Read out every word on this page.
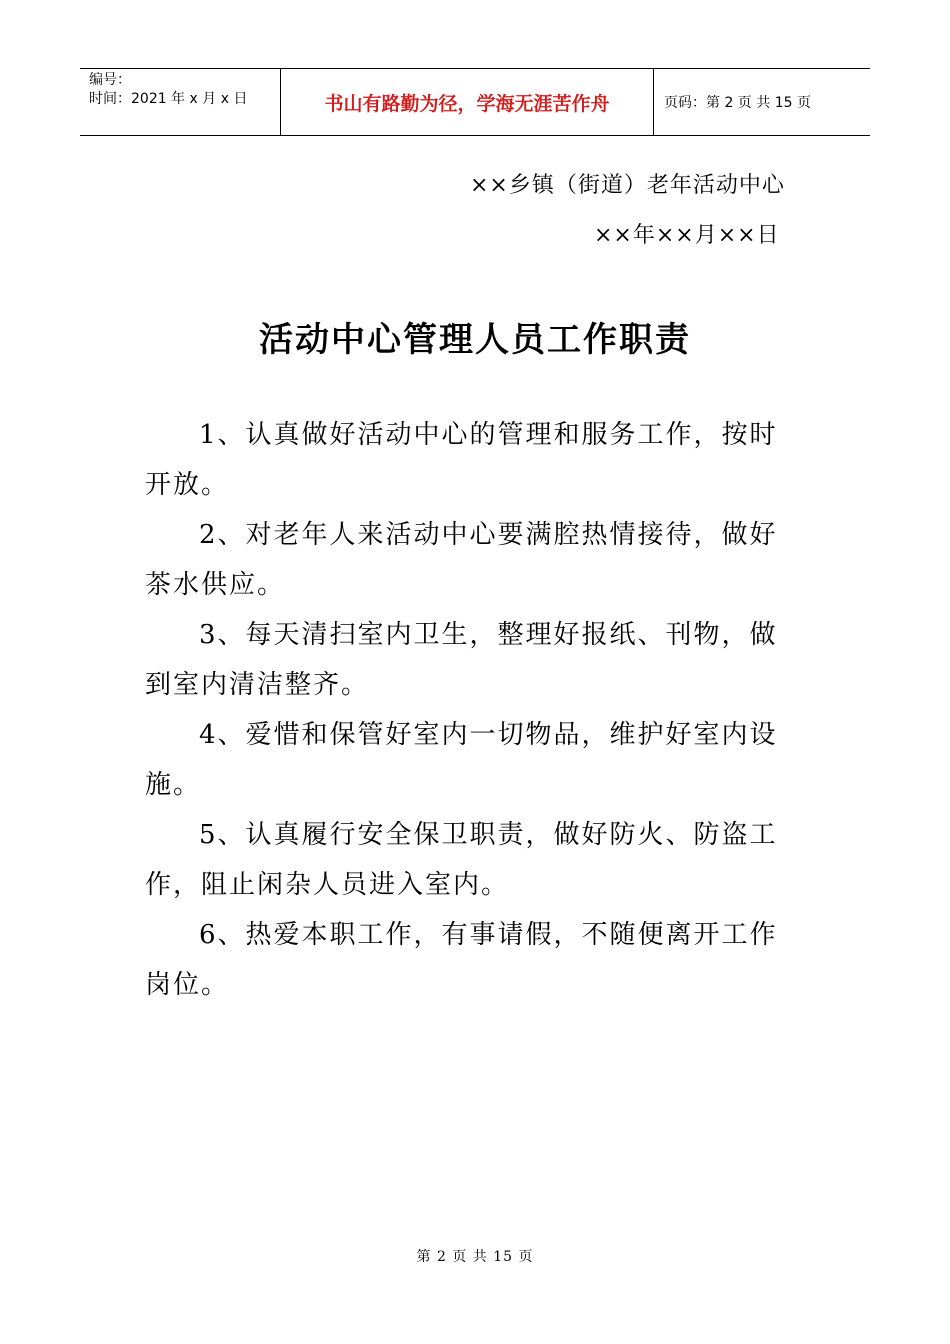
编号：
时间：2021 年 x 月 x 日	书山有路勤为径，学海无涯苦作舟	页码：第 2 页 共 15 页
××乡镇（街道）老年活动中心
××年××月××日
活动中心管理人员工作职责

1、认真做好活动中心的管理和服务工作，按时开放。

2、对老年人来活动中心要满腔热情接待，做好茶水供应。

3、每天清扫室内卫生，整理好报纸、刊物，做到室内清洁整齐。

4、爱惜和保管好室内一切物品，维护好室内设施。

5、认真履行安全保卫职责，做好防火、防盗工作，阻止闲杂人员进入室内。

6、热爱本职工作，有事请假，不随便离开工作岗位。

第 2 页 共 15 页
